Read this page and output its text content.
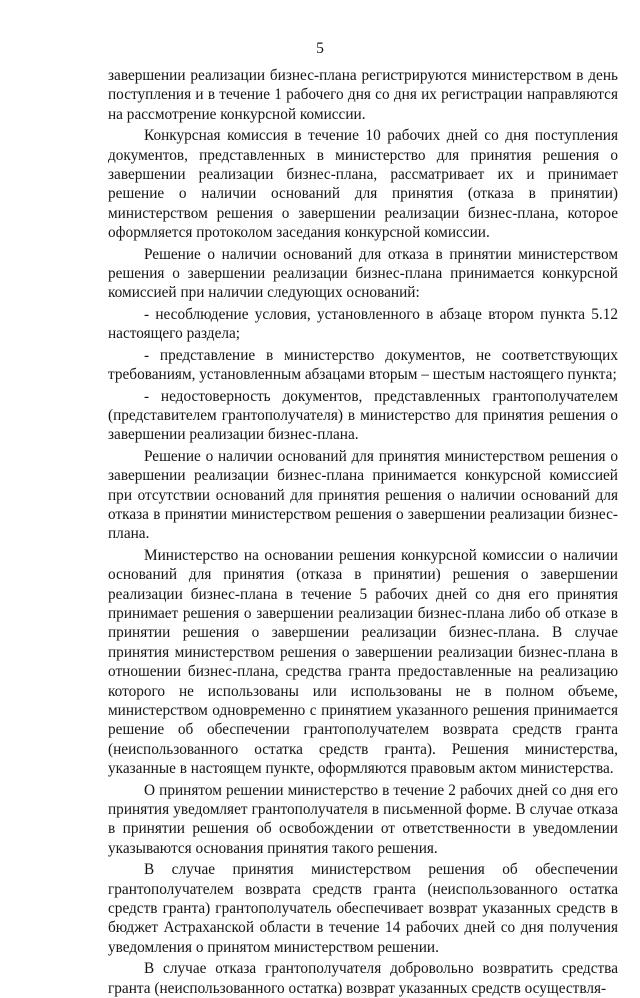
5

завершении реализации бизнес-плана регистрируются министерством в день поступления и в течение 1 рабочего дня со дня их регистрации направляются на рассмотрение конкурсной комиссии.

Конкурсная комиссия в течение 10 рабочих дней со дня поступления документов, представленных в министерство для принятия решения о завершении реализации бизнес-плана, рассматривает их и принимает решение о наличии оснований для принятия (отказа в принятии) министерством решения о завершении реализации бизнес-плана, которое оформляется протоколом заседания конкурсной комиссии.

Решение о наличии оснований для отказа в принятии министерством решения о завершении реализации бизнес-плана принимается конкурсной комиссией при наличии следующих оснований:

- несоблюдение условия, установленного в абзаце втором пункта 5.12 настоящего раздела;

- представление в министерство документов, не соответствующих требованиям, установленным абзацами вторым – шестым настоящего пункта;

- недостоверность документов, представленных грантополучателем (представителем грантополучателя) в министерство для принятия решения о завершении реализации бизнес-плана.

Решение о наличии оснований для принятия министерством решения о завершении реализации бизнес-плана принимается конкурсной комиссией при отсутствии оснований для принятия решения о наличии оснований для отказа в принятии министерством решения о завершении реализации бизнес-плана.

Министерство на основании решения конкурсной комиссии о наличии оснований для принятия (отказа в принятии) решения о завершении реализации бизнес-плана в течение 5 рабочих дней со дня его принятия принимает решения о завершении реализации бизнес-плана либо об отказе в принятии решения о завершении реализации бизнес-плана. В случае принятия министерством решения о завершении реализации бизнес-плана в отношении бизнес-плана, средства гранта предоставленные на реализацию которого не использованы или использованы не в полном объеме, министерством одновременно с принятием указанного решения принимается решение об обеспечении грантополучателем возврата средств гранта (неиспользованного остатка средств гранта). Решения министерства, указанные в настоящем пункте, оформляются правовым актом министерства.

О принятом решении министерство в течение 2 рабочих дней со дня его принятия уведомляет грантополучателя в письменной форме. В случае отказа в принятии решения об освобождении от ответственности в уведомлении указываются основания принятия такого решения.

В случае принятия министерством решения об обеспечении грантополучателем возврата средств гранта (неиспользованного остатка средств гранта) грантополучатель обеспечивает возврат указанных средств в бюджет Астраханской области в течение 14 рабочих дней со дня получения уведомления о принятом министерством решении.

В случае отказа грантополучателя добровольно возвратить средства гранта (неиспользованного остатка) возврат указанных средств осуществля-
